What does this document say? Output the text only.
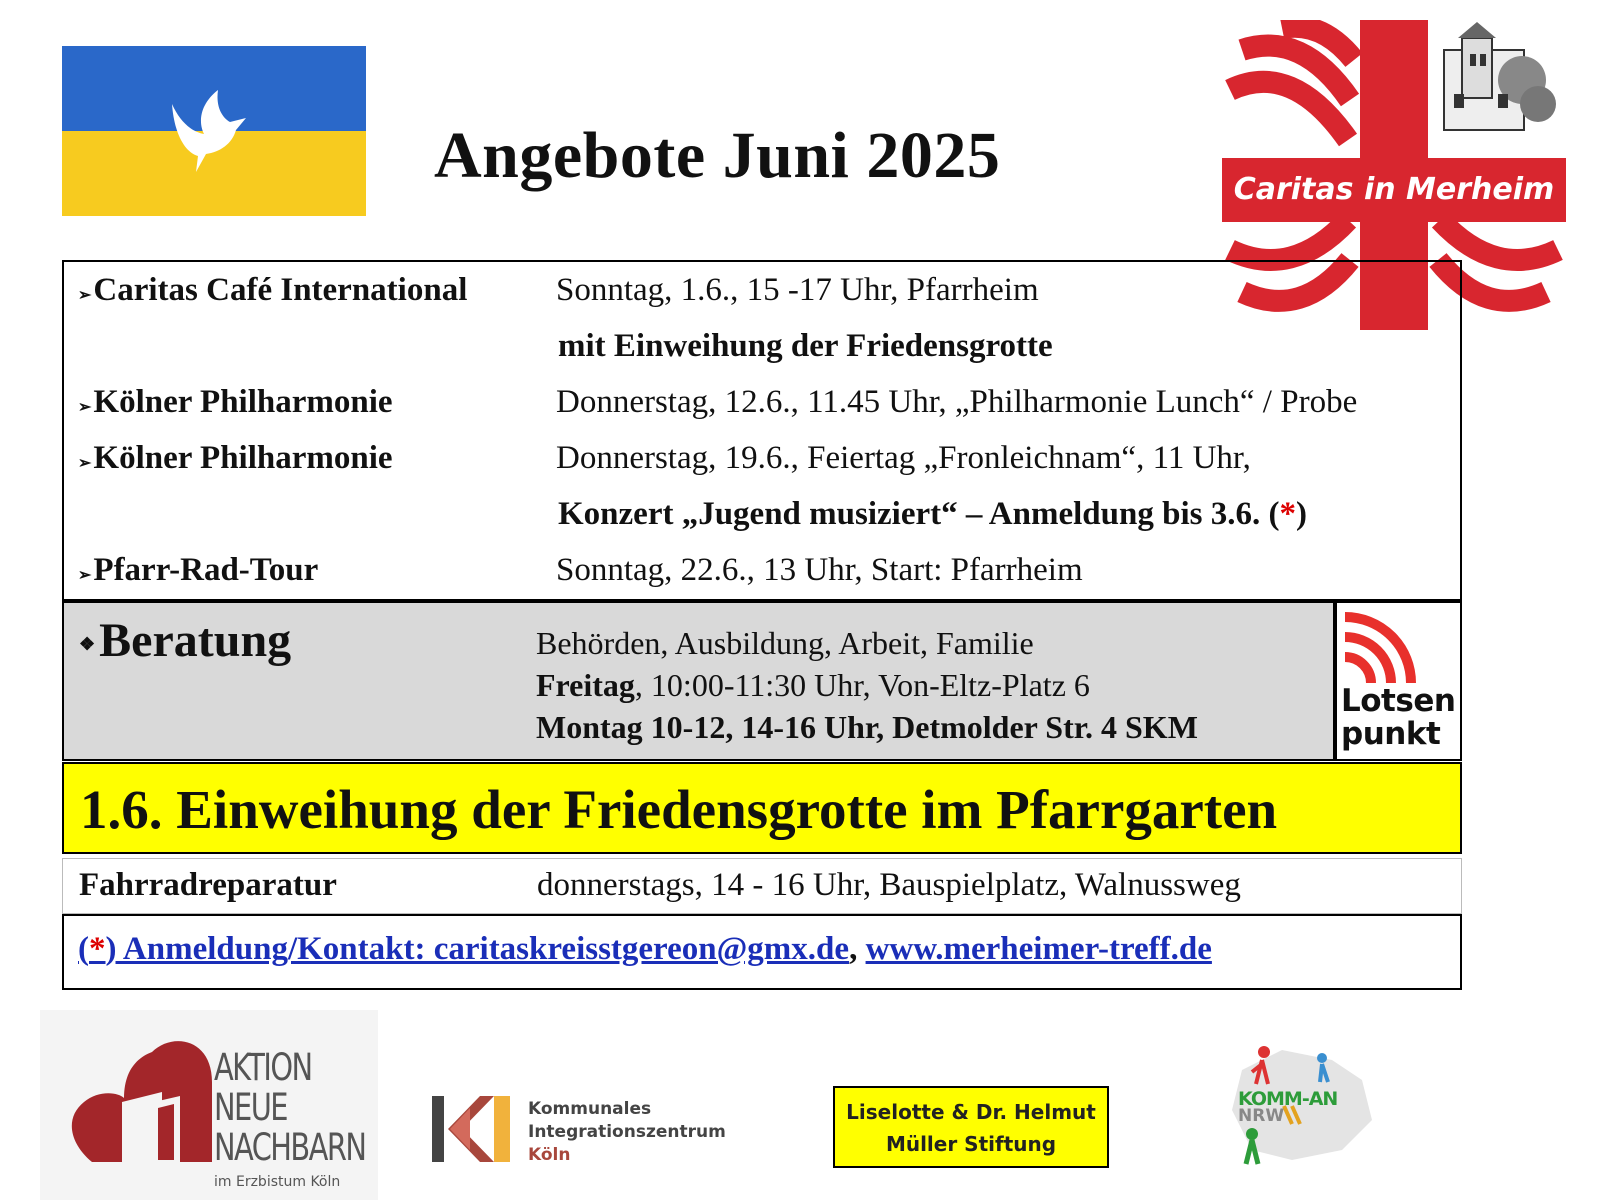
Angebote Juni 2025	Caritas in Merheim
➢Caritas Café International	Sonntag, 1.6., 15 -17 Uhr, Pfarrheim
mit Einweihung der Friedensgrotte
➢Kölner Philharmonie	Donnerstag, 12.6., 11.45 Uhr, „Philharmonie Lunch“ / Probe
➢Kölner Philharmonie	Donnerstag, 19.6., Feiertag „Fronleichnam“, 11 Uhr,
Konzert „Jugend musiziert“ – Anmeldung bis 3.6. (*)
➢Pfarr-Rad-Tour	Sonntag, 22.6., 13 Uhr, Start: Pfarrheim
❖Beratung	Behörden, Ausbildung, Arbeit, Familie
Freitag, 10:00-11:30 Uhr, Von-Eltz-Platz 6
Montag 10-12, 14-16 Uhr, Detmolder Str. 4 SKM
Lotsen
punkt
1.6. Einweihung der Friedensgrotte im Pfarrgarten
Fahrradreparatur	donnerstags, 14 - 16 Uhr, Bauspielplatz, Walnussweg
(*) Anmeldung/Kontakt: caritaskreisstgereon@gmx.de, www.merheimer-treff.de
AKTION
NEUE
NACHBARN
im Erzbistum Köln
Kommunales
Integrationszentrum
Köln
Liselotte & Dr. Helmut
Müller Stiftung
KOMM-AN
NRW
